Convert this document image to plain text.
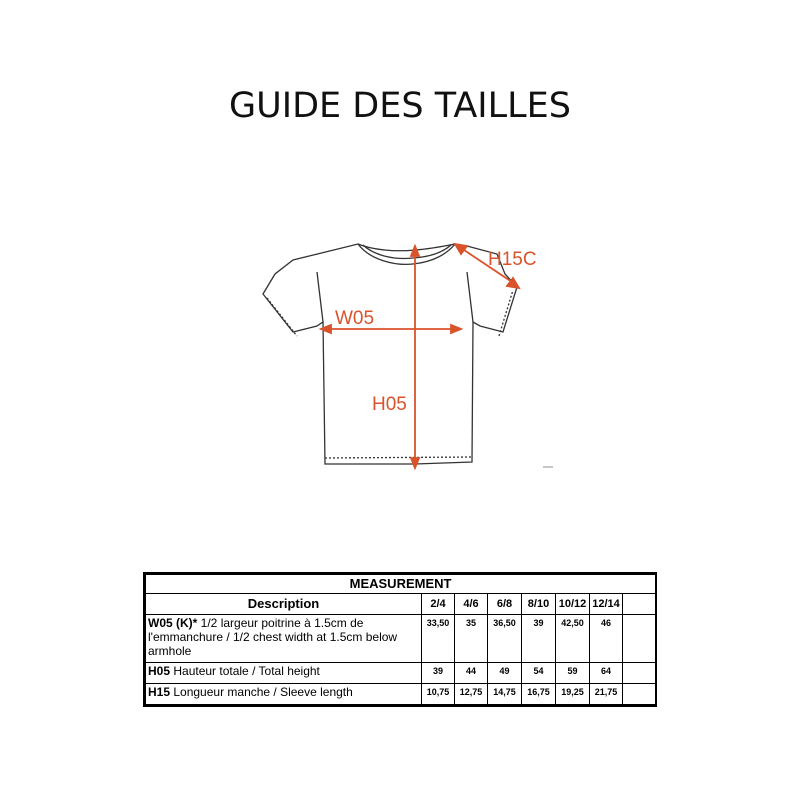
GUIDE DES TAILLES
W05
H05
H15C
MEASUREMENT							
Description	2/4	4/6	6/8	8/10	10/12	12/14	
W05 (K)* 1/2 largeur poitrine à 1.5cm de l'emmanchure / 1/2 chest width at 1.5cm below armhole	33,50	35	36,50	39	42,50	46	
H05 Hauteur totale / Total height	39	44	49	54	59	64	
H15 Longueur manche / Sleeve length	10,75	12,75	14,75	16,75	19,25	21,75	
